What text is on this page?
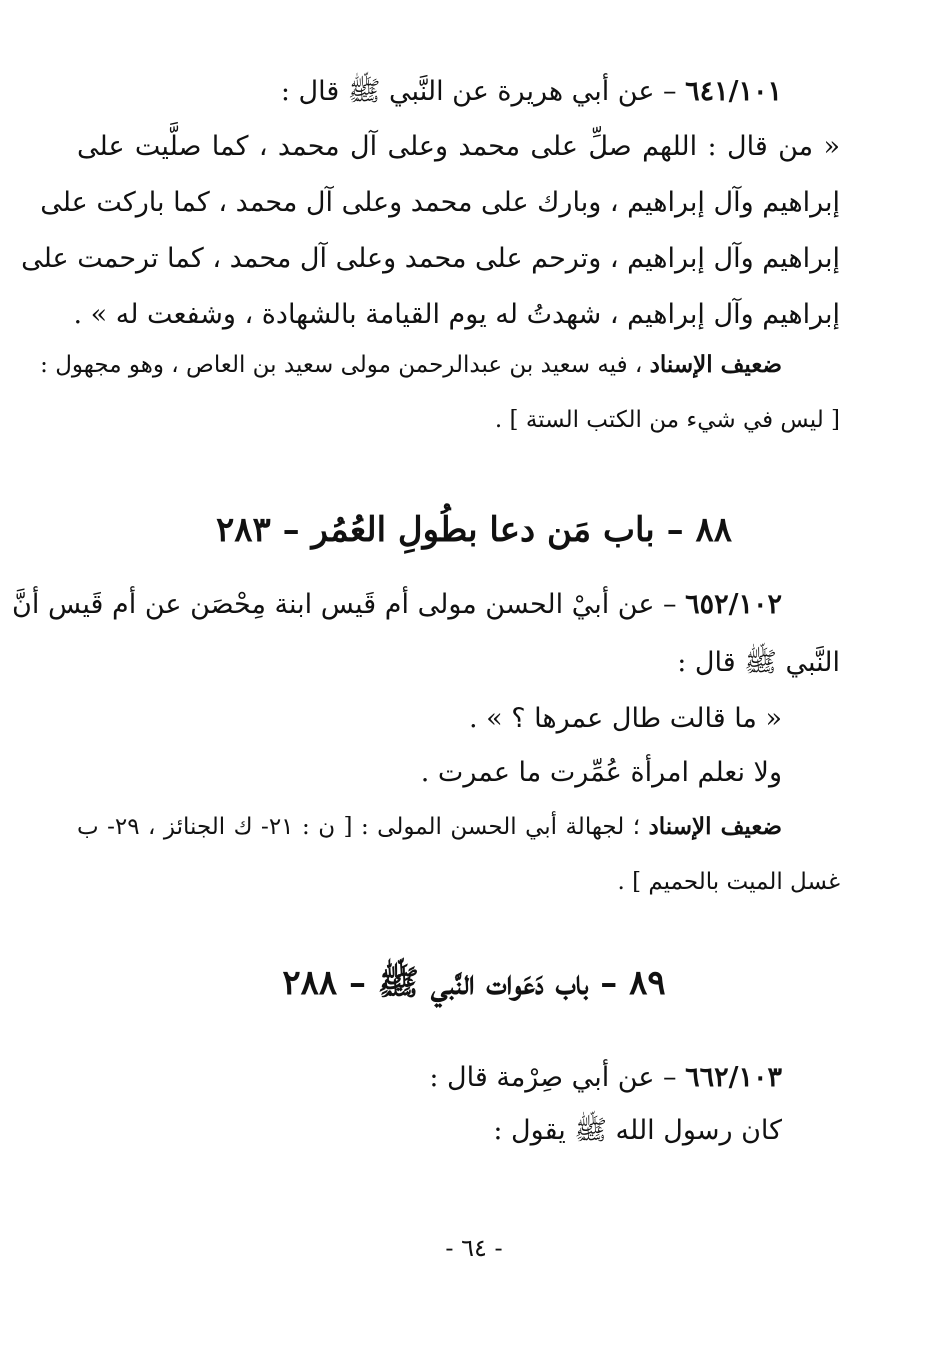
٦٤١/١٠١ – عن أبي هريرة عن النَّبي ﷺ قال :
« من قال : اللهم صلِّ على محمد وعلى آل محمد ، كما صلَّيت على
إبراهيم وآل إبراهيم ، وبارك على محمد وعلى آل محمد ، كما باركت على
إبراهيم وآل إبراهيم ، وترحم على محمد وعلى آل محمد ، كما ترحمت على
إبراهيم وآل إبراهيم ، شهدتُ له يوم القيامة بالشهادة ، وشفعت له » .
ضعيف الإسناد ، فيه سعيد بن عبدالرحمن مولى سعيد بن العاص ، وهو مجهول :
[ ليس في شيء من الكتب الستة ] .
٨٨ – باب مَن دعا بطُولِ العُمُر – ٢٨٣
٦٥٢/١٠٢ – عن أبيْ الحسن مولى أم قَيس ابنة مِحْصَن عن أم قَيس أنَّ
النَّبي ﷺ قال :
« ما قالت طال عمرها ؟ » .
ولا نعلم امرأة عُمِّرت ما عمرت .
ضعيف الإسناد ؛ لجهالة أبي الحسن المولى : [ ن : ٢١- ك الجنائز ، ٢٩- ب
غسل الميت بالحميم ] .
٨٩ – باب دَعَوات النَّبي ﷺ – ٢٨٨
٦٦٢/١٠٣ – عن أبي صِرْمة قال :
كان رسول الله ﷺ يقول :
- ٦٤ -
